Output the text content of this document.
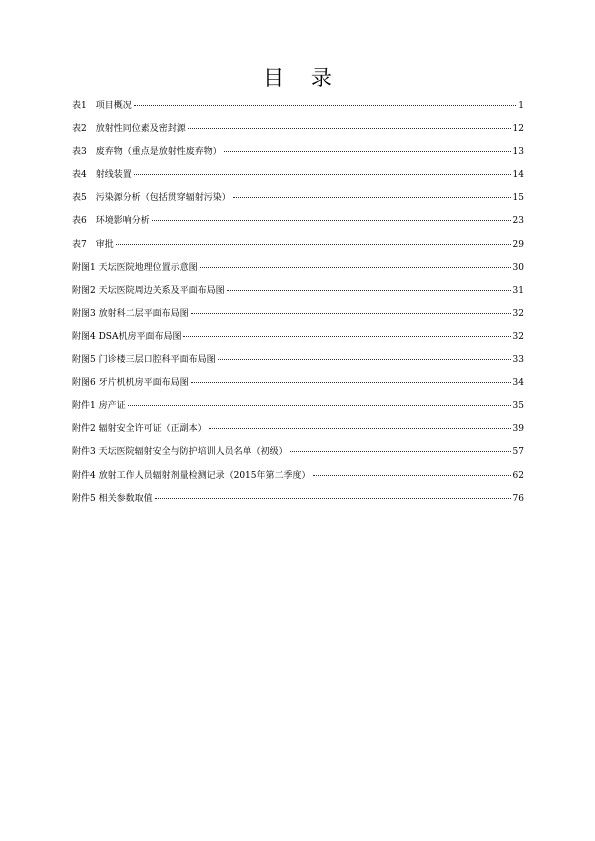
目 录
表1　项目概况	1
表2　放射性同位素及密封源	12
表3　废弃物（重点是放射性废弃物）	13
表4　射线装置	14
表5　污染源分析（包括贯穿辐射污染）	15
表6　环境影响分析	23
表7　审批	29
附图1 天坛医院地理位置示意图	30
附图2 天坛医院周边关系及平面布局图	31
附图3 放射科二层平面布局图	32
附图4 DSA机房平面布局图	32
附图5 门诊楼三层口腔科平面布局图	33
附图6 牙片机机房平面布局图	34
附件1 房产证	35
附件2 辐射安全许可证（正副本）	39
附件3 天坛医院辐射安全与防护培训人员名单（初级）	57
附件4 放射工作人员辐射剂量检测记录（2015年第二季度）	62
附件5 相关参数取值	76
